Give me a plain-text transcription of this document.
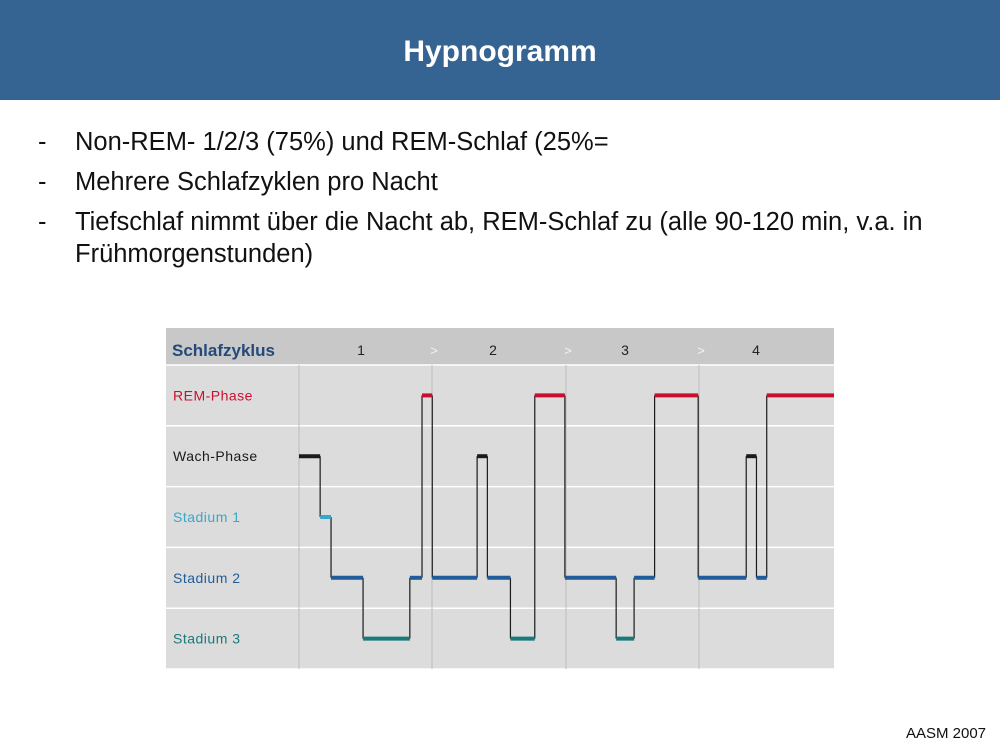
Hypnogramm
- Non-REM- 1/2/3 (75%) und REM-Schlaf (25%=
- Mehrere Schlafzyklen pro Nacht
- Tiefschlaf nimmt über die Nacht ab, REM-Schlaf zu (alle 90-120 min, v.a. in Frühmorgenstunden)
Schlafzyklus	1	2	3	4
>	>	>
REM-Phase
Wach-Phase
Stadium 1
Stadium 2
Stadium 3
AASM 2007
